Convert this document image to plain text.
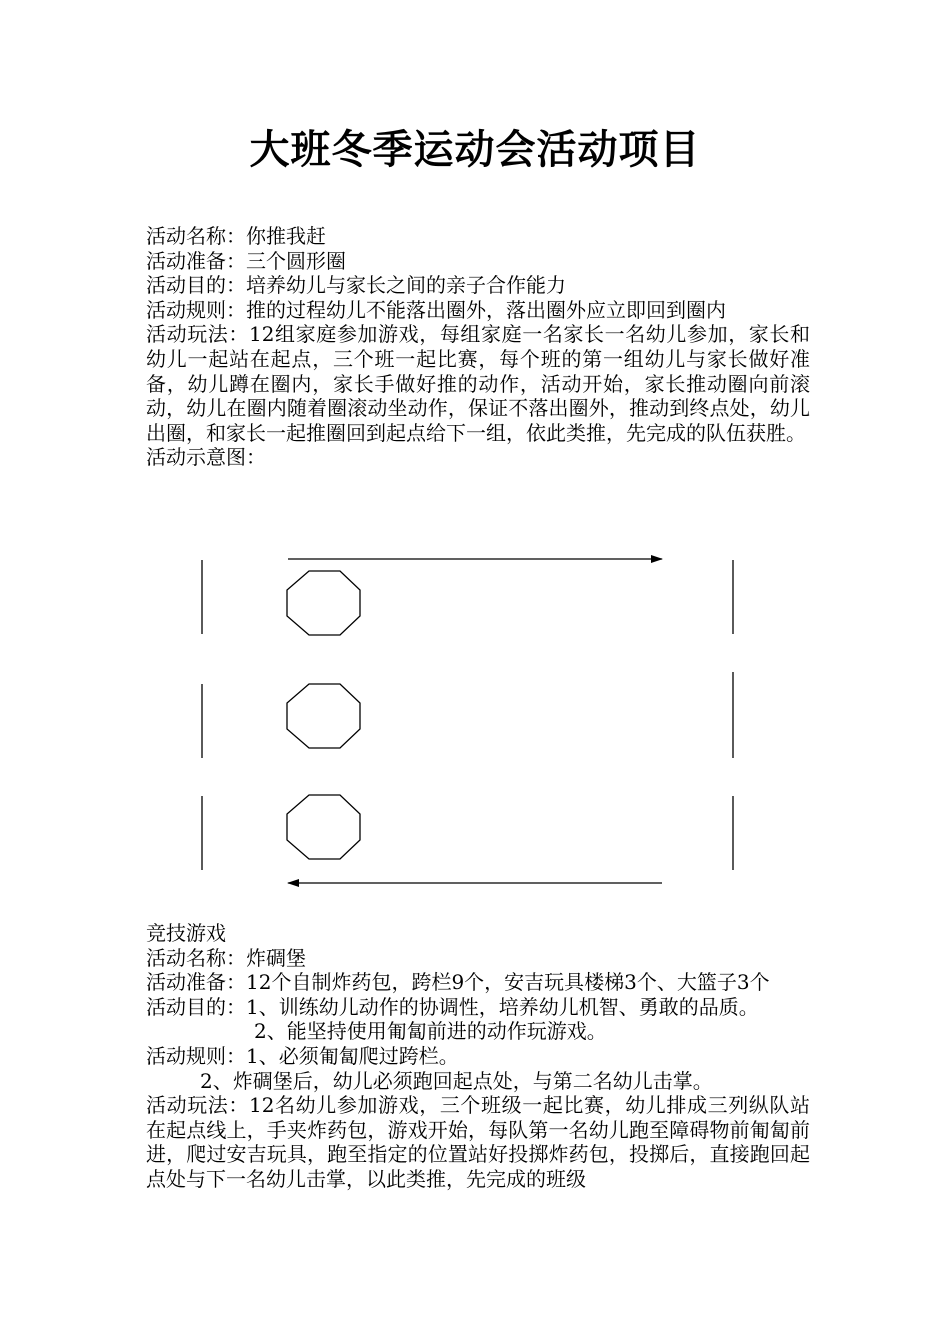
大班冬季运动会活动项目

活动名称：你推我赶

活动准备：三个圆形圈

活动目的：培养幼儿与家长之间的亲子合作能力

活动规则：推的过程幼儿不能落出圈外，落出圈外应立即回到圈内

活动玩法：12组家庭参加游戏，每组家庭一名家长一名幼儿参加，家长和幼儿一起站在起点，三个班一起比赛，每个班的第一组幼儿与家长做好准备，幼儿蹲在圈内，家长手做好推的动作，活动开始，家长推动圈向前滚动，幼儿在圈内随着圈滚动坐动作，保证不落出圈外，推动到终点处，幼儿出圈，和家长一起推圈回到起点给下一组，依此类推，先完成的队伍获胜。

活动示意图：

竞技游戏

活动名称：炸碉堡

活动准备：12个自制炸药包，跨栏9个，安吉玩具楼梯3个、大篮子3个

活动目的：1、训练幼儿动作的协调性，培养幼儿机智、勇敢的品质。

2、能坚持使用匍匐前进的动作玩游戏。

活动规则：1、必须匍匐爬过跨栏。

2、炸碉堡后，幼儿必须跑回起点处，与第二名幼儿击掌。

活动玩法：12名幼儿参加游戏，三个班级一起比赛，幼儿排成三列纵队站在起点线上，手夹炸药包，游戏开始，每队第一名幼儿跑至障碍物前匍匐前进，爬过安吉玩具，跑至指定的位置站好投掷炸药包，投掷后，直接跑回起点处与下一名幼儿击掌，以此类推，先完成的班级
